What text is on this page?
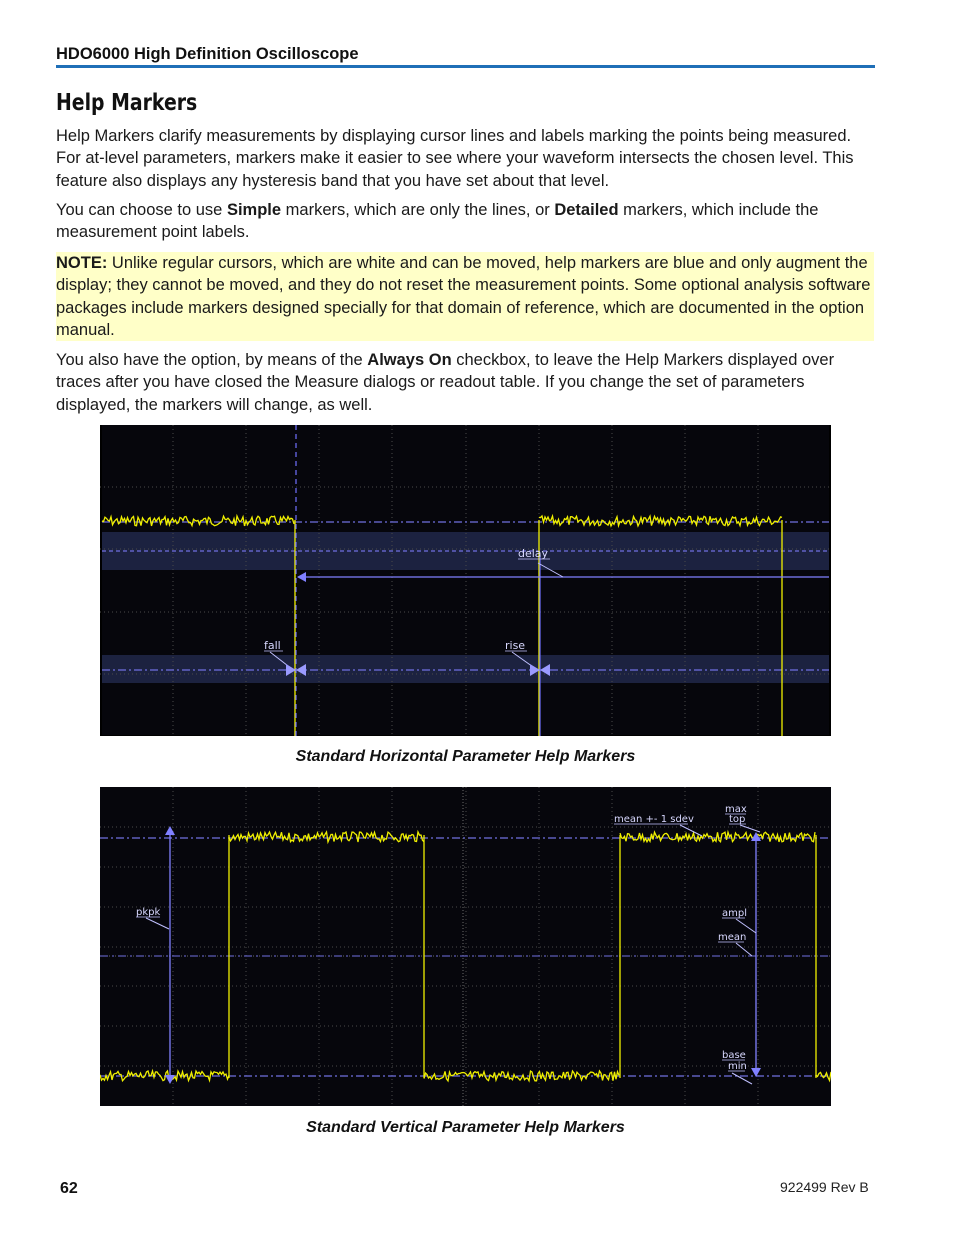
HDO6000 High Definition Oscilloscope
Help Markers
Help Markers clarify measurements by displaying cursor lines and labels marking the points being measured. For at-level parameters, markers make it easier to see where your waveform intersects the chosen level. This feature also displays any hysteresis band that you have set about that level.
You can choose to use Simple markers, which are only the lines, or Detailed markers, which include the measurement point labels.
NOTE: Unlike regular cursors, which are white and can be moved, help markers are blue and only augment the display; they cannot be moved, and they do not reset the measurement points. Some optional analysis software packages include markers designed specially for that domain of reference, which are documented in the option manual.
You also have the option, by means of the Always On checkbox, to leave the Help Markers displayed over traces after you have closed the Measure dialogs or readout table. If you change the set of parameters displayed, the markers will change, as well.
delay
fall	rise
Standard Horizontal Parameter Help Markers
pkpk
mean +- 1 sdev
max
top
ampl
mean
base
min
Standard Vertical Parameter Help Markers
62	922499 Rev B
